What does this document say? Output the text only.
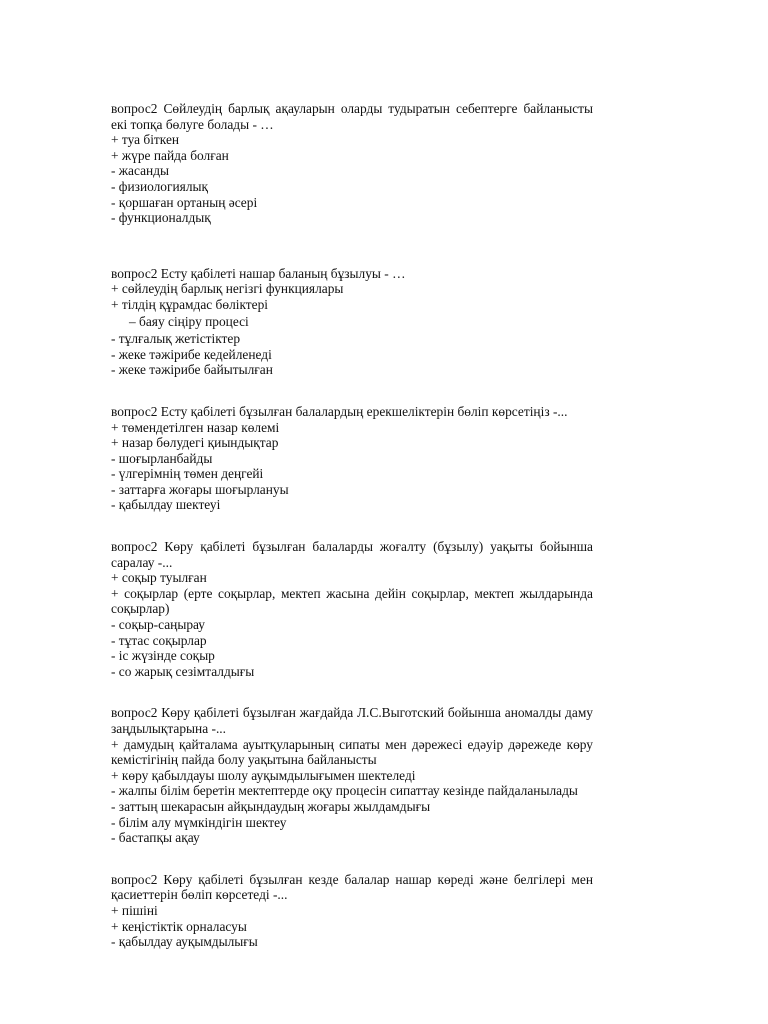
вопрос2 Сөйлеудің барлық ақауларын оларды тудыратын себептерге байланысты екі топқа бөлуге болады - …

+ туа біткен

+ жүре пайда болған

- жасанды

- физиологиялық

- қоршаған ортаның әсері

- функционалдық

вопрос2 Есту қабілеті нашар баланың бұзылуы - …

+ сөйлеудің барлық негізгі функциялары

+ тілдің құрамдас бөліктері

– баяу сіңіру процесі

- тұлғалық жетістіктер

- жеке тәжірибе кедейленеді

- жеке тәжірибе байытылған

вопрос2 Есту қабілеті бұзылған балалардың ерекшеліктерін бөліп көрсетіңіз -...

+ төмендетілген назар көлемі

+ назар бөлудегі қиындықтар

- шоғырланбайды

- үлгерімнің төмен деңгейі

- заттарға жоғары шоғырлануы

- қабылдау шектеуі

вопрос2 Көру қабілеті бұзылған балаларды жоғалту (бұзылу) уақыты бойынша саралау -...

+ соқыр туылған

+ соқырлар (ерте соқырлар, мектеп жасына дейін соқырлар, мектеп жылдарында соқырлар)

- соқыр-саңырау

- тұтас соқырлар

- іс жүзінде соқыр

- со жарық сезімталдығы

вопрос2 Көру қабілеті бұзылған жағдайда Л.С.Выготский бойынша аномалды даму заңдылықтарына -...

+ дамудың қайталама ауытқуларының сипаты мен дәрежесі едәуір дәрежеде көру кемістігінің пайда болу уақытына байланысты

+ көру қабылдауы шолу ауқымдылығымен шектеледі

- жалпы білім беретін мектептерде оқу процесін сипаттау кезінде пайдаланылады

- заттың шекарасын айқындаудың жоғары жылдамдығы

- білім алу мүмкіндігін шектеу

- бастапқы ақау

вопрос2 Көру қабілеті бұзылған кезде балалар нашар көреді және белгілері мен қасиеттерін бөліп көрсетеді -...

+ пішіні

+ кеңістіктік орналасуы

- қабылдау ауқымдылығы
